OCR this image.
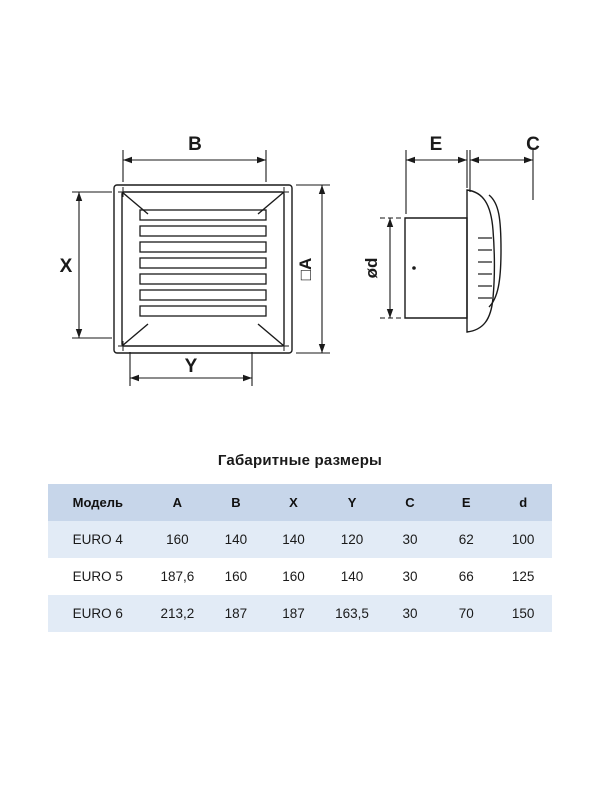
B
Y
X	□A	ød
E	C
Габаритные размеры
Модель	A	B	X	Y	C	E	d
EURO 4	160	140	140	120	30	62	100
EURO 5	187,6	160	160	140	30	66	125
EURO 6	213,2	187	187	163,5	30	70	150
